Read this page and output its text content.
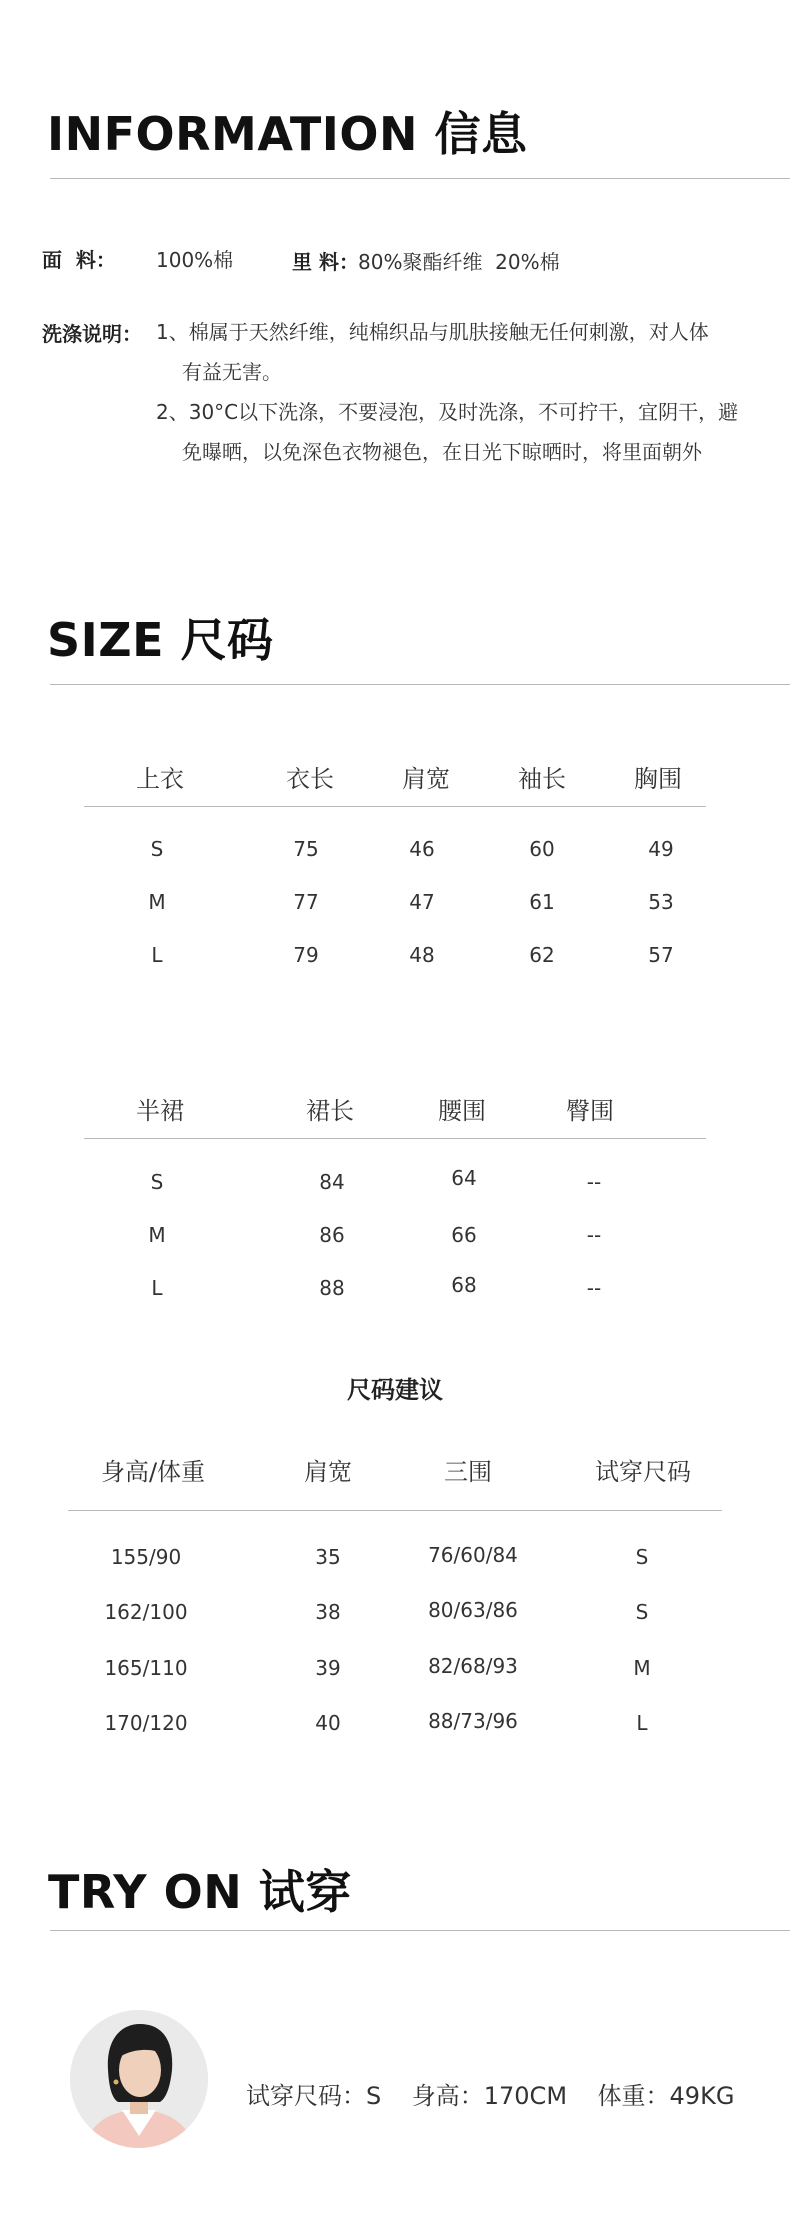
INFORMATION 信息
面  料： 100%棉	里 料： 80%聚酯纤维  20%棉
洗涤说明： 1、棉属于天然纤维，纯棉织品与肌肤接触无任何刺激，对人体
有益无害。
2、30°C以下洗涤，不要浸泡，及时洗涤，不可拧干，宜阴干，避
免曝晒，以免深色衣物褪色，在日光下晾晒时，将里面朝外
SIZE 尺码
上衣	衣长	肩宽	袖长	胸围
S	75	46	60	49
M	77	47	61	53
L	79	48	62	57
半裙	裙长	腰围	臀围
S	84	64	--
M	86	66	--
L	88	68	--
尺码建议
身高/体重	肩宽	三围	试穿尺码
155/90	35	76/60/84	S
162/100	38	80/63/86	S
165/110	39	82/68/93	M
170/120	40	88/73/96	L
TRY ON 试穿
试穿尺码：S    身高：170CM    体重：49KG
